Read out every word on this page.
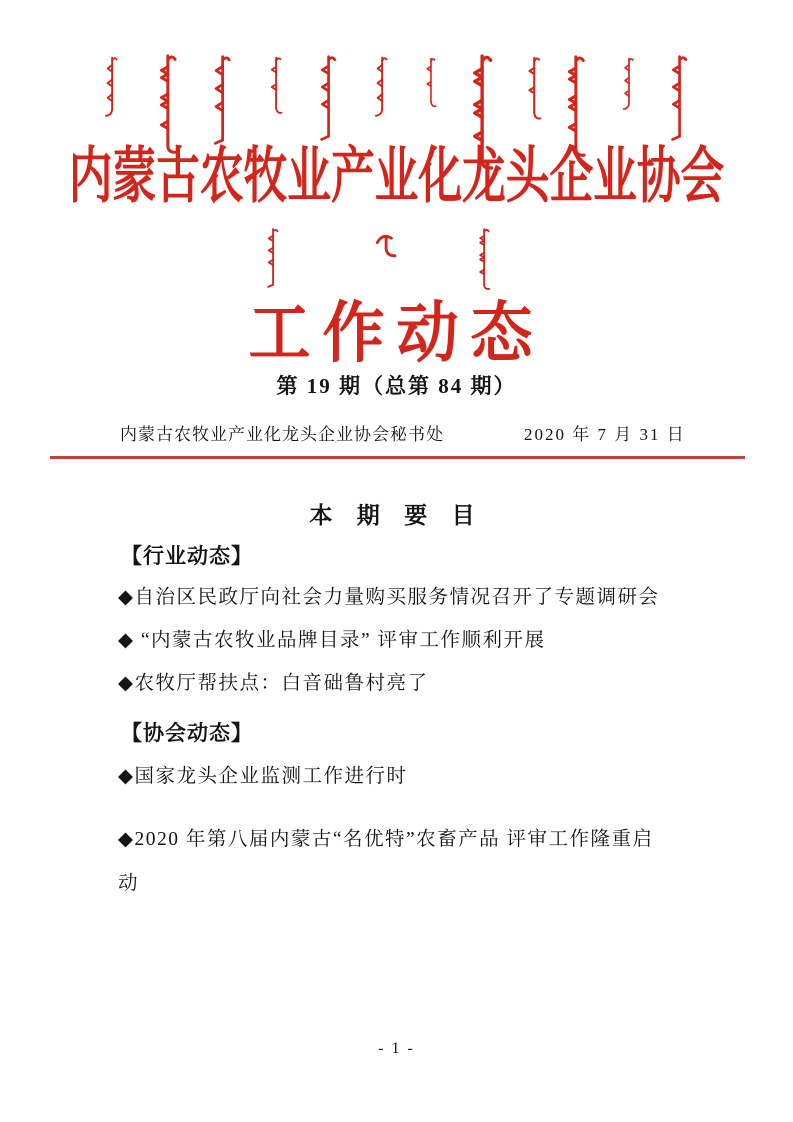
内蒙古农牧业产业化龙头企业协会
工作动态
第 19 期（总第 84 期）
内蒙古农牧业产业化龙头企业协会秘书处	2020 年 7 月 31 日
本 期 要 目
【行业动态】
◆自治区民政厅向社会力量购买服务情况召开了专题调研会
◆ “内蒙古农牧业品牌目录” 评审工作顺利开展
◆农牧厅帮扶点：白音础鲁村亮了
【协会动态】
◆国家龙头企业监测工作进行时
◆2020 年第八届内蒙古“名优特”农畜产品 评审工作隆重启
动
- 1 -
